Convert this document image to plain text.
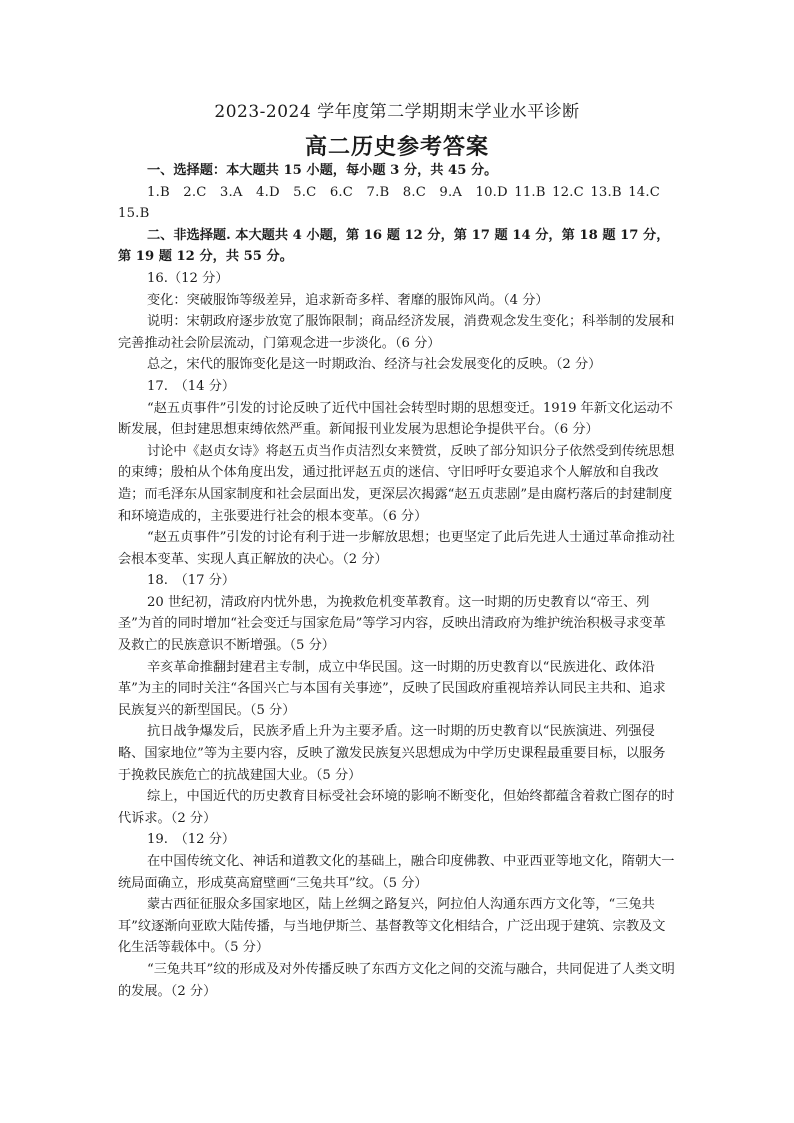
2023-2024 学年度第二学期期末学业水平诊断
高二历史参考答案

一、选择题：本大题共 15 小题，每小题 3 分，共 45 分。

1.B　2.C　3.A　4.D　5.C　6.C　7.B　8.C　9.A　10.D 11.B 12.C 13.B 14.C 15.B

二、非选择题. 本大题共 4 小题，第 16 题 12 分，第 17 题 14 分，第 18 题 17 分，第 19 题 12 分，共 55 分。

16.（12 分）

变化：突破服饰等级差异，追求新奇多样、奢靡的服饰风尚。（4 分）

说明：宋朝政府逐步放宽了服饰限制；商品经济发展，消费观念发生变化；科举制的发展和完善推动社会阶层流动，门第观念进一步淡化。（6 分）

总之，宋代的服饰变化是这一时期政治、经济与社会发展变化的反映。（2 分）

17.　（14 分）

“赵五贞事件”引发的讨论反映了近代中国社会转型时期的思想变迁。1919 年新文化运动不断发展，但封建思想束缚依然严重。新闻报刊业发展为思想论争提供平台。（6 分）

讨论中《赵贞女诗》将赵五贞当作贞洁烈女来赞赏，反映了部分知识分子依然受到传统思想的束缚；殷柏从个体角度出发，通过批评赵五贞的迷信、守旧呼吁女要追求个人解放和自我改造；而毛泽东从国家制度和社会层面出发，更深层次揭露“赵五贞悲剧”是由腐朽落后的封建制度和环境造成的，主张要进行社会的根本变革。（6 分）

“赵五贞事件”引发的讨论有利于进一步解放思想；也更坚定了此后先进人士通过革命推动社会根本变革、实现人真正解放的决心。（2 分）

18.　（17 分）

20 世纪初，清政府内忧外患，为挽救危机变革教育。这一时期的历史教育以“帝王、列圣”为首的同时增加“社会变迁与国家危局”等学习内容，反映出清政府为维护统治积极寻求变革及救亡的民族意识不断增强。（5 分）

辛亥革命推翻封建君主专制，成立中华民国。这一时期的历史教育以“民族进化、政体沿革”为主的同时关注“各国兴亡与本国有关事迹”，反映了民国政府重视培养认同民主共和、追求民族复兴的新型国民。（5 分）

抗日战争爆发后，民族矛盾上升为主要矛盾。这一时期的历史教育以“民族演进、列强侵略、国家地位”等为主要内容，反映了激发民族复兴思想成为中学历史课程最重要目标，以服务于挽救民族危亡的抗战建国大业。（5 分）

综上，中国近代的历史教育目标受社会环境的影响不断变化，但始终都蕴含着救亡图存的时代诉求。（2 分）

19.　（12 分）

在中国传统文化、神话和道教文化的基础上，融合印度佛教、中亚西亚等地文化，隋朝大一统局面确立，形成莫高窟壁画“三兔共耳”纹。（5 分）

蒙古西征征服众多国家地区，陆上丝绸之路复兴，阿拉伯人沟通东西方文化等，“三兔共耳”纹逐渐向亚欧大陆传播，与当地伊斯兰、基督教等文化相结合，广泛出现于建筑、宗教及文化生活等载体中。（5 分）

“三兔共耳”纹的形成及对外传播反映了东西方文化之间的交流与融合，共同促进了人类文明的发展。（2 分）
